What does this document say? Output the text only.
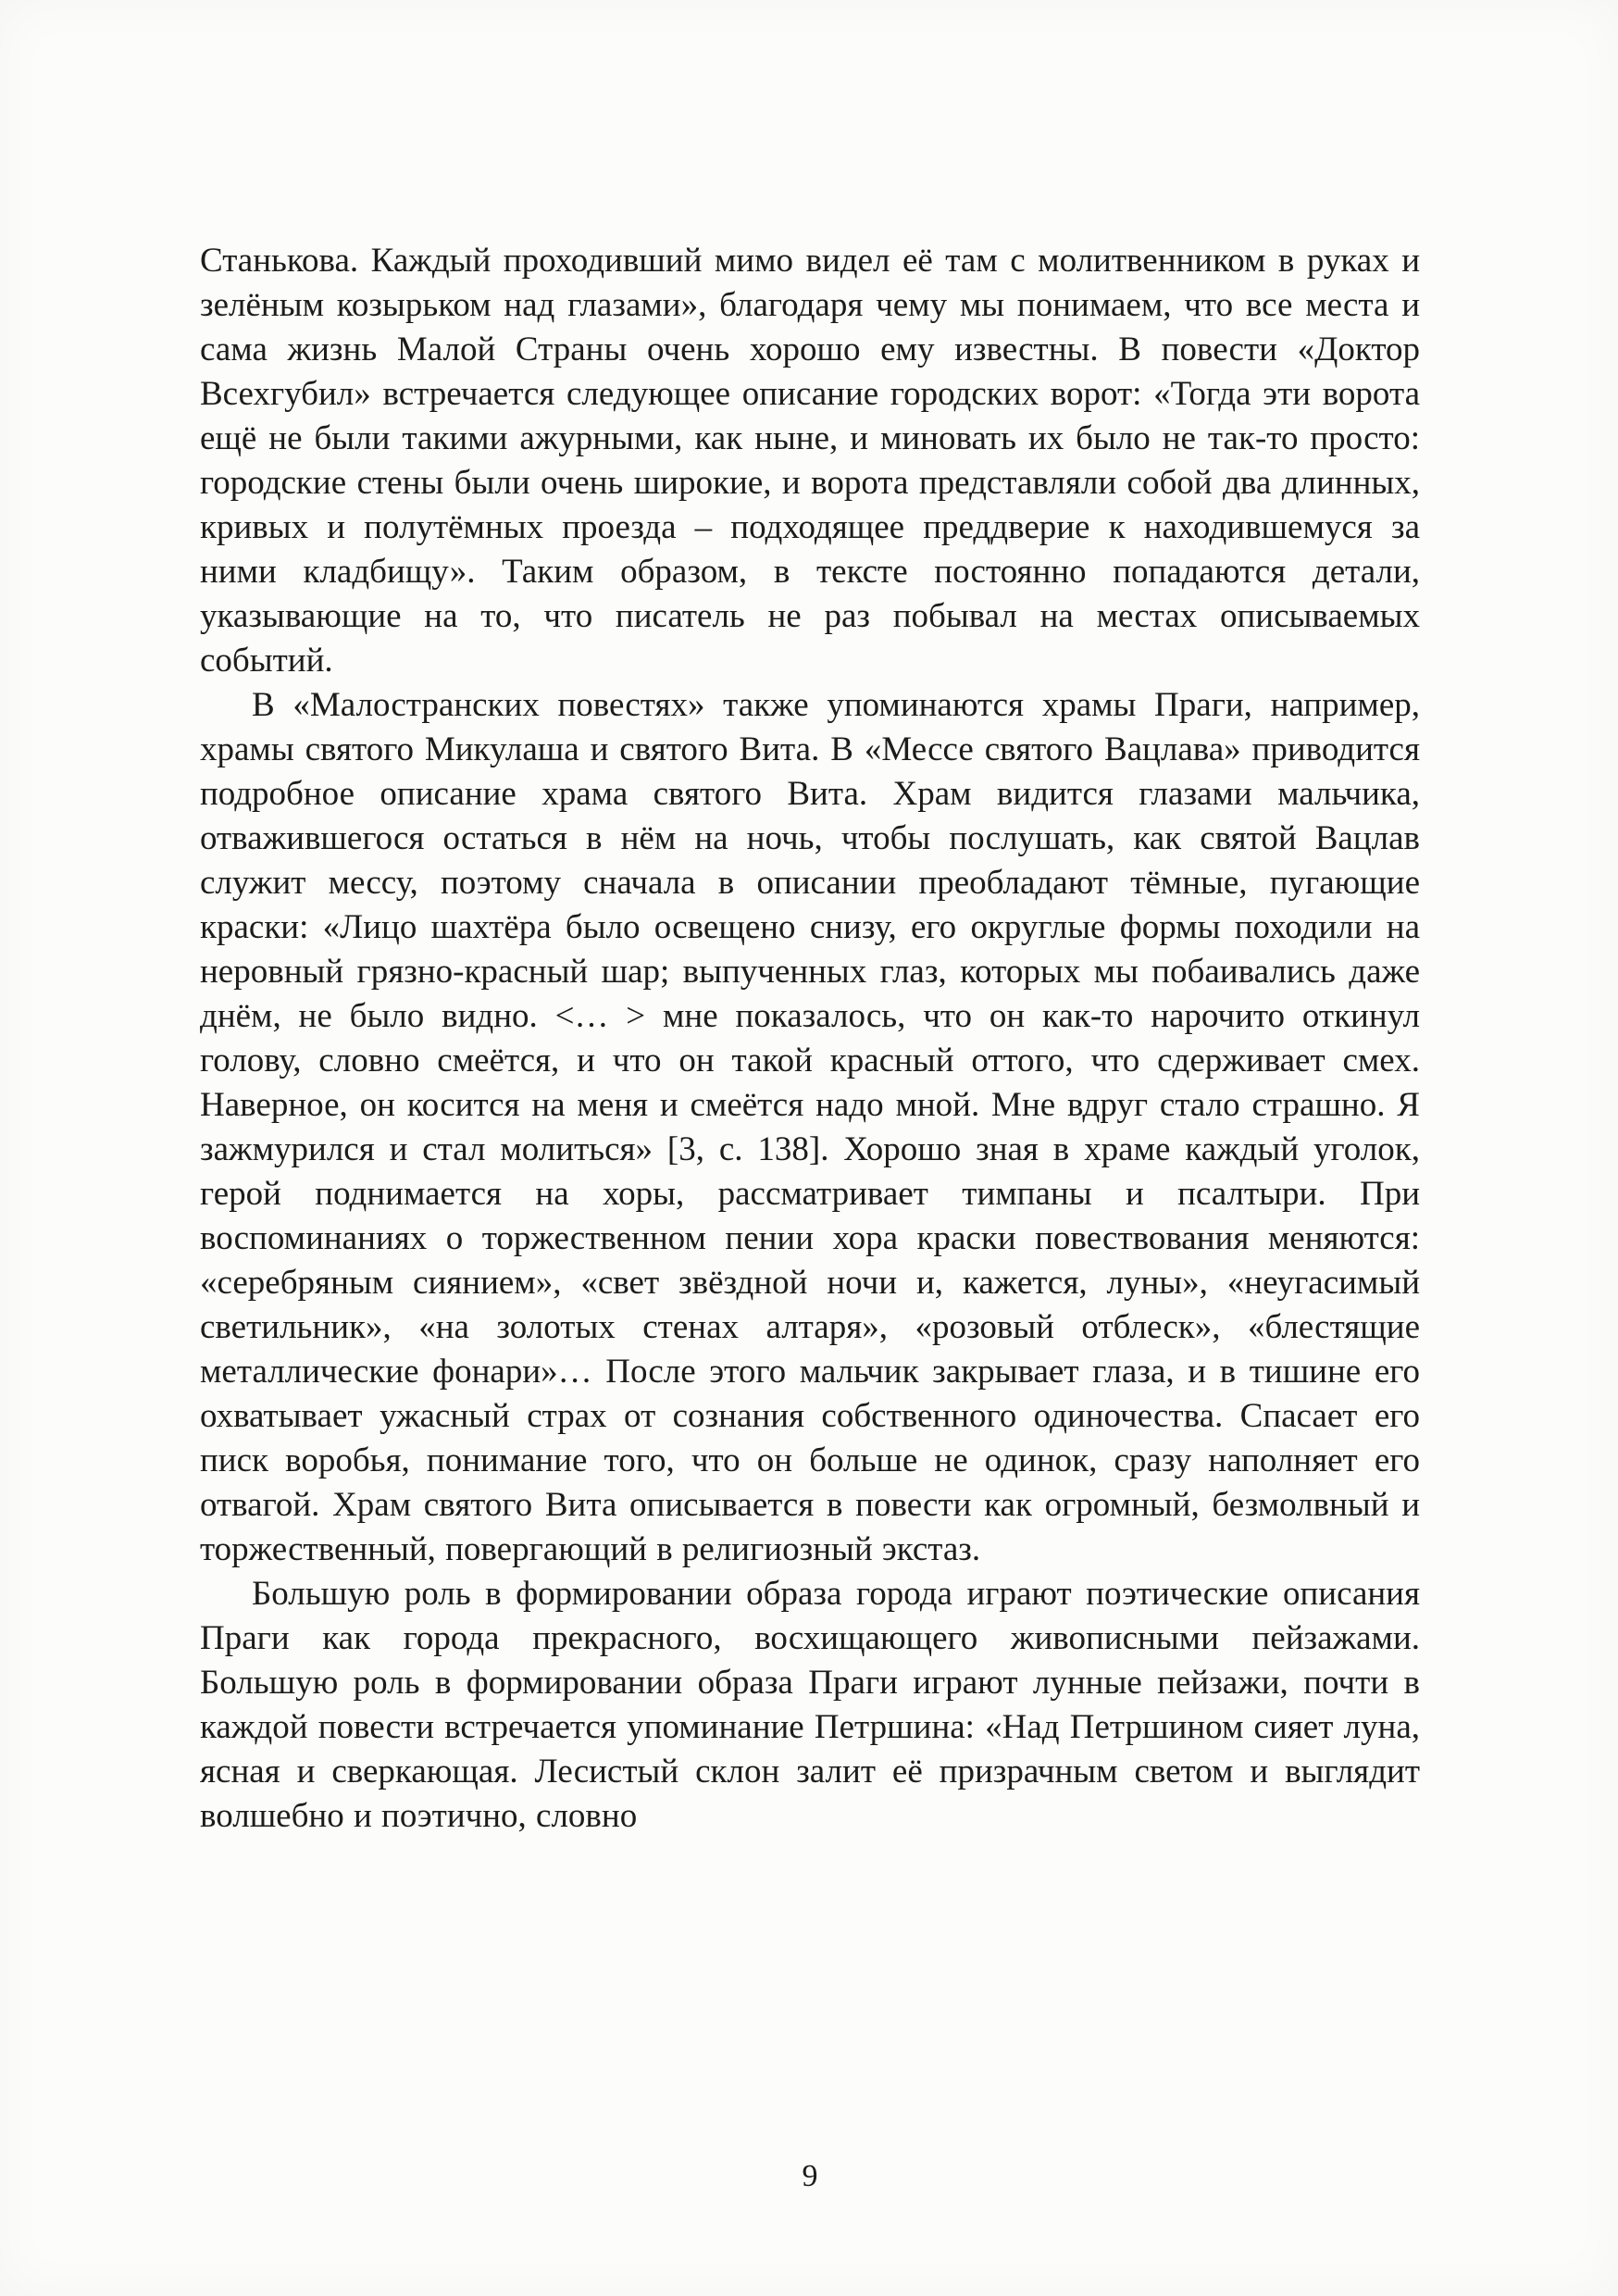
Станькова. Каждый проходивший мимо видел её там с молитвенником в руках и зелёным козырьком над глазами», благодаря чему мы понимаем, что все места и сама жизнь Малой Страны очень хорошо ему известны. В повести «Доктор Всехгубил» встречается следующее описание городских ворот: «Тогда эти ворота ещё не были такими ажурными, как ныне, и миновать их было не так-то просто: городские стены были очень широкие, и ворота представляли собой два длинных, кривых и полутёмных проезда – подходящее преддверие к находившемуся за ними кладбищу». Таким образом, в тексте постоянно попадаются детали, указывающие на то, что писатель не раз побывал на местах описываемых событий.

В «Малостранских повестях» также упоминаются храмы Праги, например, храмы святого Микулаша и святого Вита. В «Мессе святого Вацлава» приводится подробное описание храма святого Вита. Храм видится глазами мальчика, отважившегося остаться в нём на ночь, чтобы послушать, как святой Вацлав служит мессу, поэтому сначала в описании преобладают тёмные, пугающие краски: «Лицо шахтёра было освещено снизу, его округлые формы походили на неровный грязно-красный шар; выпученных глаз, которых мы побаивались даже днём, не было видно. <… > мне показалось, что он как-то нарочито откинул голову, словно смеётся, и что он такой красный оттого, что сдерживает смех. Наверное, он косится на меня и смеётся надо мной. Мне вдруг стало страшно. Я зажмурился и стал молиться» [3, с. 138]. Хорошо зная в храме каждый уголок, герой поднимается на хоры, рассматривает тимпаны и псалтыри. При воспоминаниях о торжественном пении хора краски повествования меняются: «серебряным сиянием», «свет звёздной ночи и, кажется, луны», «неугасимый светильник», «на золотых стенах алтаря», «розовый отблеск», «блестящие металлические фонари»… После этого мальчик закрывает глаза, и в тишине его охватывает ужасный страх от сознания собственного одиночества. Спасает его писк воробья, понимание того, что он больше не одинок, сразу наполняет его отвагой. Храм святого Вита описывается в повести как огромный, безмолвный и торжественный, повергающий в религиозный экстаз.

Большую роль в формировании образа города играют поэтические описания Праги как города прекрасного, восхищающего живописными пейзажами. Большую роль в формировании образа Праги играют лунные пейзажи, почти в каждой повести встречается упоминание Петршина: «Над Петршином сияет луна, ясная и сверкающая. Лесистый склон залит её призрачным светом и выглядит волшебно и поэтично, словно

9
